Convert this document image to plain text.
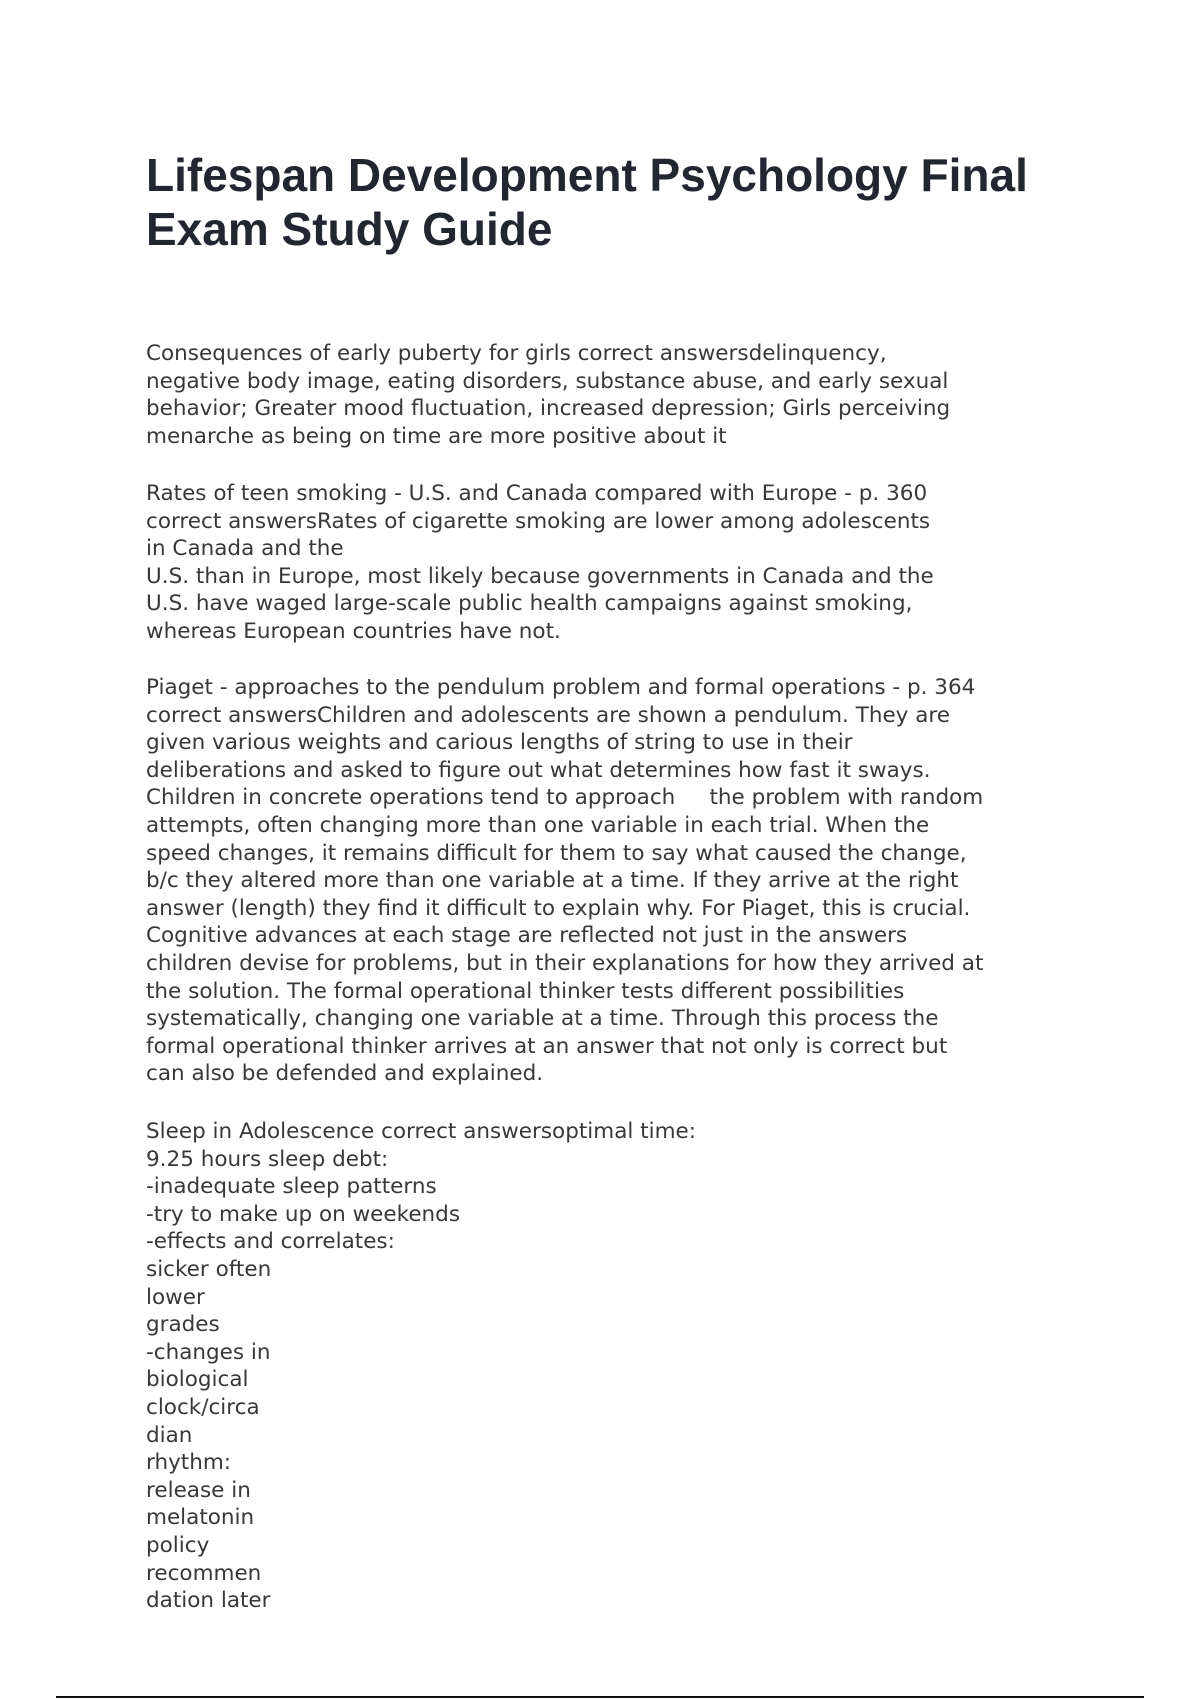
Lifespan Development Psychology Final Exam Study Guide
Consequences of early puberty for girls correct answersdelinquency,
negative body image, eating disorders, substance abuse, and early sexual
behavior; Greater mood fluctuation, increased depression; Girls perceiving
menarche as being on time are more positive about it
Rates of teen smoking - U.S. and Canada compared with Europe - p. 360
correct answersRates of cigarette smoking are lower among adolescents
in Canada and the
U.S. than in Europe, most likely because governments in Canada and the
U.S. have waged large-scale public health campaigns against smoking,
whereas European countries have not.
Piaget - approaches to the pendulum problem and formal operations - p. 364
correct answersChildren and adolescents are shown a pendulum. They are
given various weights and carious lengths of string to use in their
deliberations and asked to figure out what determines how fast it sways.
Children in concrete operations tend to approach     the problem with random
attempts, often changing more than one variable in each trial. When the
speed changes, it remains difficult for them to say what caused the change,
b/c they altered more than one variable at a time. If they arrive at the right
answer (length) they find it difficult to explain why. For Piaget, this is crucial.
Cognitive advances at each stage are reflected not just in the answers
children devise for problems, but in their explanations for how they arrived at
the solution. The formal operational thinker tests different possibilities
systematically, changing one variable at a time. Through this process the
formal operational thinker arrives at an answer that not only is correct but
can also be defended and explained.
Sleep in Adolescence correct answersoptimal time:
9.25 hours sleep debt:
-inadequate sleep patterns
-try to make up on weekends
-effects and correlates:
sicker often
lower
grades
-changes in
biological
clock/circa
dian
rhythm:
release in
melatonin
policy
recommen
dation later
